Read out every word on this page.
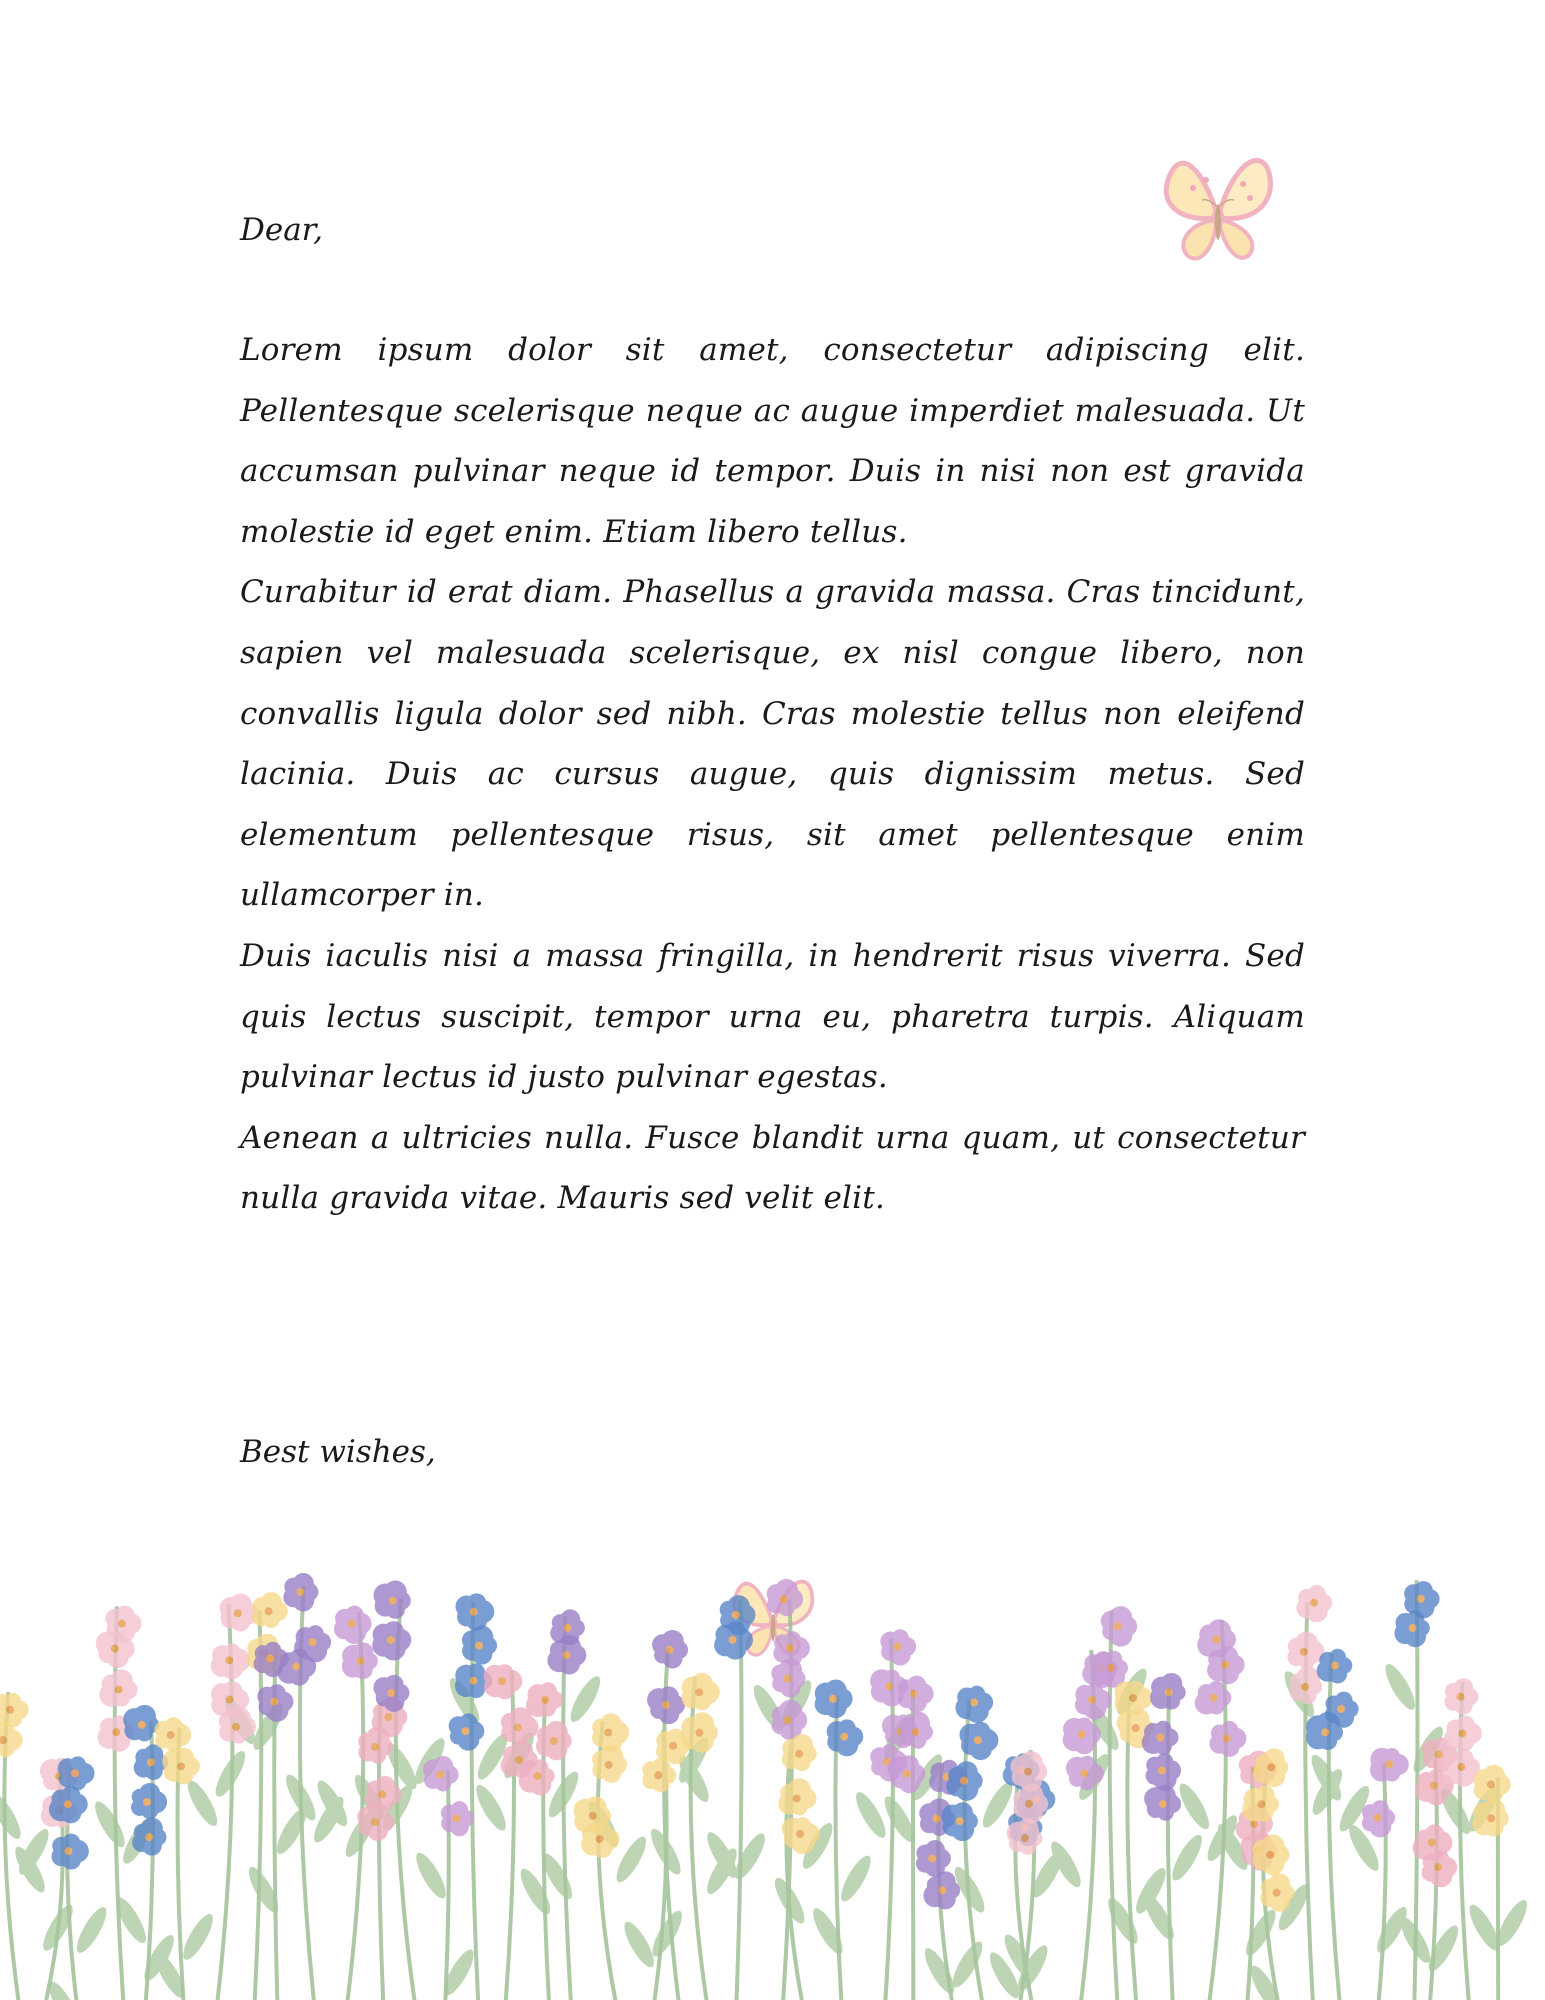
Dear,

Lorem ipsum dolor sit amet, consectetur adipiscing elit. Pellentesque scelerisque neque ac augue imperdiet malesuada. Ut accumsan pulvinar neque id tempor. Duis in nisi non est gravida molestie id eget enim. Etiam libero tellus.

Curabitur id erat diam. Phasellus a gravida massa. Cras tincidunt, sapien vel malesuada scelerisque, ex nisl congue libero, non convallis ligula dolor sed nibh. Cras molestie tellus non eleifend lacinia. Duis ac cursus augue, quis dignissim metus. Sed elementum pellentesque risus, sit amet pellentesque enim ullamcorper in.

Duis iaculis nisi a massa fringilla, in hendrerit risus viverra. Sed quis lectus suscipit, tempor urna eu, pharetra turpis. Aliquam pulvinar lectus id justo pulvinar egestas.

Aenean a ultricies nulla. Fusce blandit urna quam, ut consectetur nulla gravida vitae. Mauris sed velit elit.

Best wishes,
